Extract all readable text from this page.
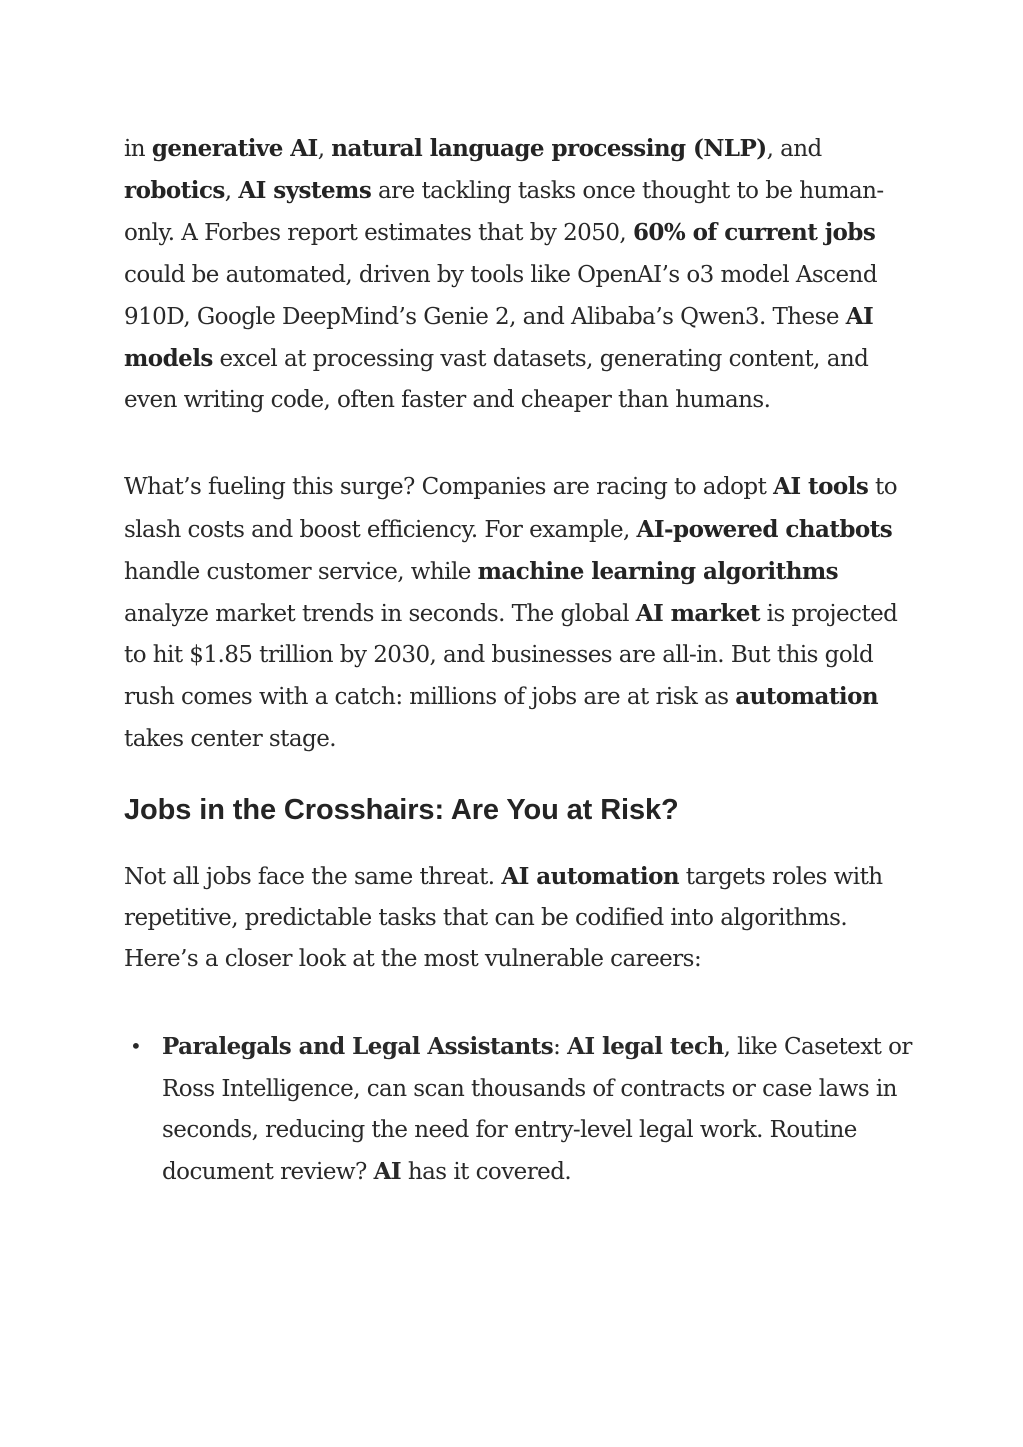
in generative AI, natural language processing (NLP), and robotics, AI systems are tackling tasks once thought to be human-only. A Forbes report estimates that by 2050, 60% of current jobs could be automated, driven by tools like OpenAI’s o3 model Ascend 910D, Google DeepMind’s Genie 2, and Alibaba’s Qwen3. These AI models excel at processing vast datasets, generating content, and even writing code, often faster and cheaper than humans.

What’s fueling this surge? Companies are racing to adopt AI tools to slash costs and boost efficiency. For example, AI-powered chatbots handle customer service, while machine learning algorithms analyze market trends in seconds. The global AI market is projected to hit $1.85 trillion by 2030, and businesses are all-in. But this gold rush comes with a catch: millions of jobs are at risk as automation takes center stage.

Jobs in the Crosshairs: Are You at Risk?

Not all jobs face the same threat. AI automation targets roles with repetitive, predictable tasks that can be codified into algorithms. Here’s a closer look at the most vulnerable careers:

• Paralegals and Legal Assistants: AI legal tech, like Casetext or Ross Intelligence, can scan thousands of contracts or case laws in seconds, reducing the need for entry-level legal work. Routine document review? AI has it covered.
